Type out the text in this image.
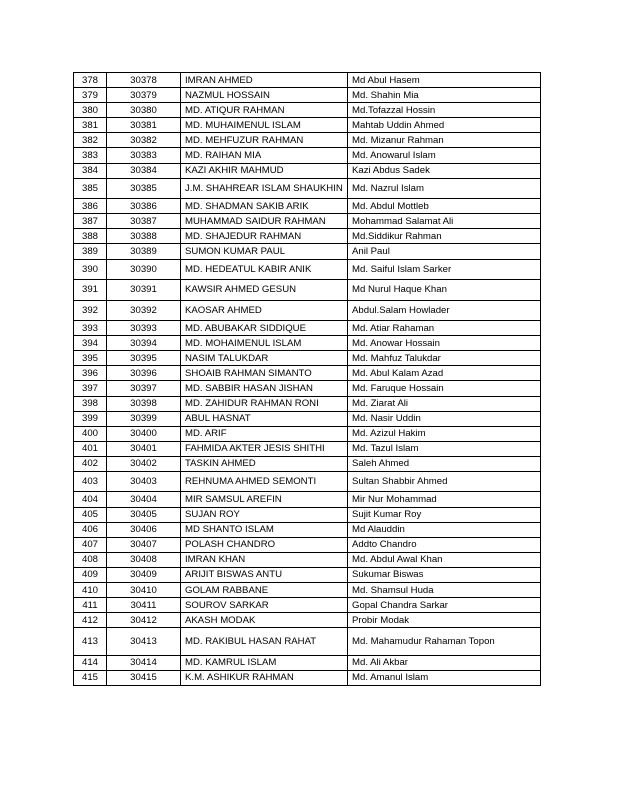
378	30378	IMRAN AHMED	Md Abul Hasem
379	30379	NAZMUL HOSSAIN	Md. Shahin Mia
380	30380	MD. ATIQUR RAHMAN	Md.Tofazzal Hossin
381	30381	MD. MUHAIMENUL ISLAM	Mahtab Uddin Ahmed
382	30382	MD. MEHFUZUR RAHMAN	Md. Mizanur Rahman
383	30383	MD. RAIHAN MIA	Md. Anowarul Islam
384	30384	KAZI AKHIR MAHMUD	Kazi Abdus Sadek
385	30385	J.M. SHAHREAR ISLAM SHAUKHIN	Md. Nazrul Islam
386	30386	MD. SHADMAN SAKIB ARIK	Md. Abdul Mottleb
387	30387	MUHAMMAD SAIDUR RAHMAN	Mohammad Salamat Ali
388	30388	MD. SHAJEDUR RAHMAN	Md.Siddikur Rahman
389	30389	SUMON KUMAR PAUL	Anil Paul
390	30390	MD. HEDEATUL KABIR ANIK	Md. Saiful Islam Sarker
391	30391	KAWSIR AHMED GESUN	Md Nurul Haque Khan
392	30392	KAOSAR AHMED	Abdul.Salam Howlader
393	30393	MD. ABUBAKAR SIDDIQUE	Md. Atiar Rahaman
394	30394	MD. MOHAIMENUL ISLAM	Md. Anowar Hossain
395	30395	NASIM TALUKDAR	Md. Mahfuz Talukdar
396	30396	SHOAIB RAHMAN SIMANTO	Md. Abul Kalam Azad
397	30397	MD. SABBIR HASAN JISHAN	Md. Faruque Hossain
398	30398	MD. ZAHIDUR RAHMAN RONI	Md. Ziarat Ali
399	30399	ABUL HASNAT	Md. Nasir Uddin
400	30400	MD. ARIF	Md. Azizul Hakim
401	30401	FAHMIDA AKTER JESIS SHITHI	Md. Tazul Islam
402	30402	TASKIN AHMED	Saleh Ahmed
403	30403	REHNUMA AHMED SEMONTI	Sultan Shabbir Ahmed
404	30404	MIR SAMSUL AREFIN	Mir Nur Mohammad
405	30405	SUJAN ROY	Sujit Kumar Roy
406	30406	MD SHANTO ISLAM	Md Alauddin
407	30407	POLASH CHANDRO	Addto Chandro
408	30408	IMRAN KHAN	Md. Abdul Awal Khan
409	30409	ARIJIT BISWAS ANTU	Sukumar Biswas
410	30410	GOLAM RABBANE	Md. Shamsul Huda
411	30411	SOUROV SARKAR	Gopal Chandra Sarkar
412	30412	AKASH MODAK	Probir Modak
413	30413	MD. RAKIBUL HASAN RAHAT	Md. Mahamudur Rahaman Topon
414	30414	MD. KAMRUL ISLAM	Md. Ali Akbar
415	30415	K.M. ASHIKUR RAHMAN	Md. Amanul Islam
